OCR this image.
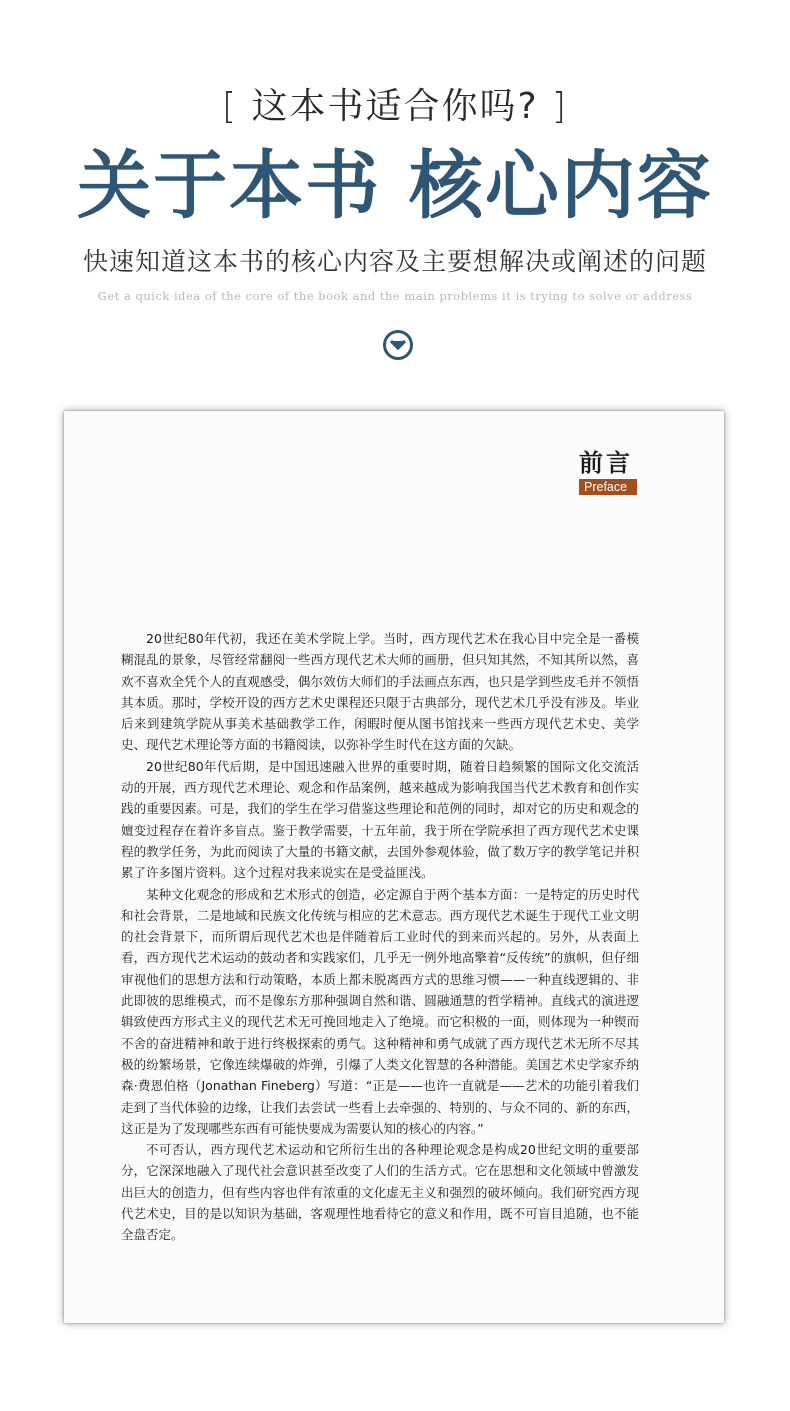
[ 这本书适合你吗? ]
关于本书 核心内容
快速知道这本书的核心内容及主要想解决或阐述的问题
Get a quick idea of the core of the book and the main problems it is trying to solve or address
前言
Preface

20世纪80年代初，我还在美术学院上学。当时，西方现代艺术在我心目中完全是一番模糊混乱的景象，尽管经常翻阅一些西方现代艺术大师的画册，但只知其然，不知其所以然，喜欢不喜欢全凭个人的直观感受，偶尔效仿大师们的手法画点东西，也只是学到些皮毛并不领悟其本质。那时，学校开设的西方艺术史课程还只限于古典部分，现代艺术几乎没有涉及。毕业后来到建筑学院从事美术基础教学工作，闲暇时便从图书馆找来一些西方现代艺术史、美学史、现代艺术理论等方面的书籍阅读，以弥补学生时代在这方面的欠缺。

20世纪80年代后期，是中国迅速融入世界的重要时期，随着日趋频繁的国际文化交流活动的开展，西方现代艺术理论、观念和作品案例，越来越成为影响我国当代艺术教育和创作实践的重要因素。可是，我们的学生在学习借鉴这些理论和范例的同时，却对它的历史和观念的嬗变过程存在着许多盲点。鉴于教学需要，十五年前，我于所在学院承担了西方现代艺术史课程的教学任务，为此而阅读了大量的书籍文献，去国外参观体验，做了数万字的教学笔记并积累了许多图片资料。这个过程对我来说实在是受益匪浅。

某种文化观念的形成和艺术形式的创造，必定源自于两个基本方面：一是特定的历史时代和社会背景，二是地域和民族文化传统与相应的艺术意志。西方现代艺术诞生于现代工业文明的社会背景下，而所谓后现代艺术也是伴随着后工业时代的到来而兴起的。另外，从表面上看，西方现代艺术运动的鼓动者和实践家们，几乎无一例外地高擎着“反传统”的旗帜，但仔细审视他们的思想方法和行动策略，本质上都未脱离西方式的思维习惯——一种直线逻辑的、非此即彼的思维模式，而不是像东方那种强调自然和谐、圆融通慧的哲学精神。直线式的演进逻辑致使西方形式主义的现代艺术无可挽回地走入了绝境。而它积极的一面，则体现为一种锲而不舍的奋进精神和敢于进行终极探索的勇气。这种精神和勇气成就了西方现代艺术无所不尽其极的纷繁场景，它像连续爆破的炸弹，引爆了人类文化智慧的各种潜能。美国艺术史学家乔纳森·费恩伯格（Jonathan Fineberg）写道：“正是——也许一直就是——艺术的功能引着我们走到了当代体验的边缘，让我们去尝试一些看上去牵强的、特别的、与众不同的、新的东西，这正是为了发现哪些东西有可能快要成为需要认知的核心的内容。”

不可否认，西方现代艺术运动和它所衍生出的各种理论观念是构成20世纪文明的重要部分，它深深地融入了现代社会意识甚至改变了人们的生活方式。它在思想和文化领域中曾激发出巨大的创造力，但有些内容也伴有浓重的文化虚无主义和强烈的破坏倾向。我们研究西方现代艺术史，目的是以知识为基础，客观理性地看待它的意义和作用，既不可盲目追随，也不能全盘否定。
